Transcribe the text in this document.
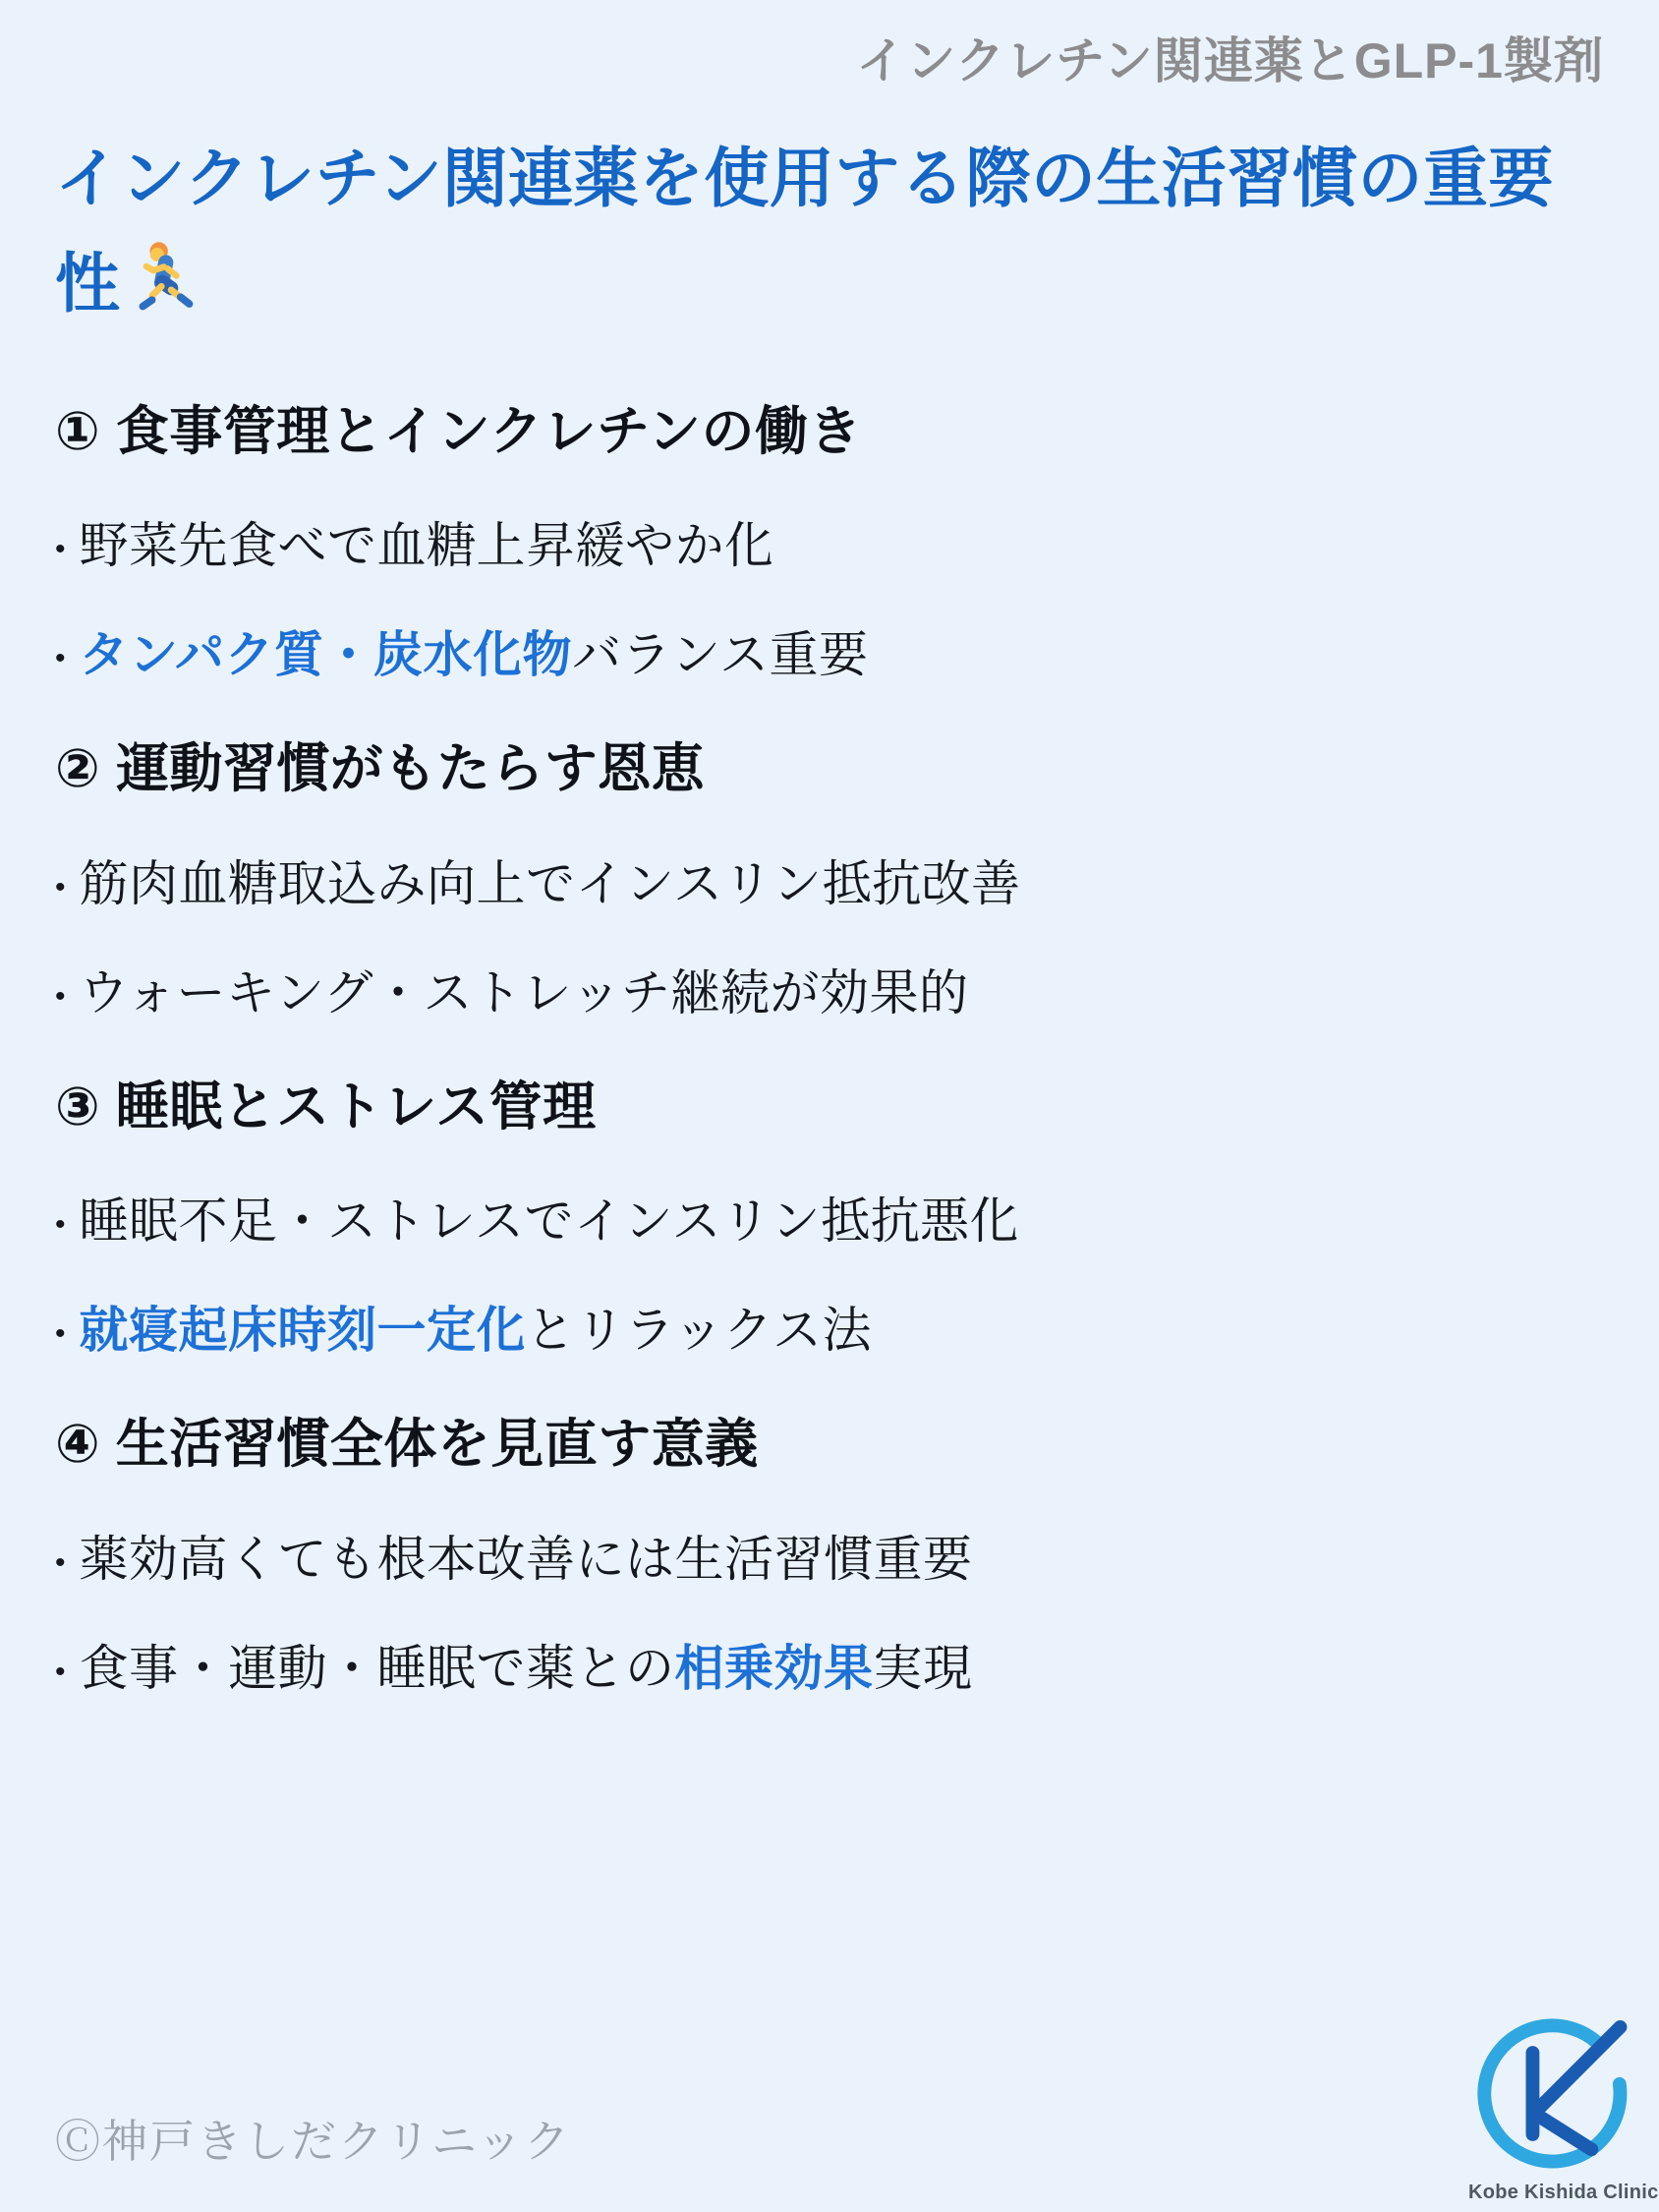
インクレチン関連薬とGLP-1製剤
インクレチン関連薬を使用する際の生活習慣の重要性
① 食事管理とインクレチンの働き

• 野菜先食べで血糖上昇緩やか化

• タンパク質・炭水化物バランス重要

② 運動習慣がもたらす恩恵

• 筋肉血糖取込み向上でインスリン抵抗改善

• ウォーキング・ストレッチ継続が効果的

③ 睡眠とストレス管理

• 睡眠不足・ストレスでインスリン抵抗悪化

• 就寝起床時刻一定化とリラックス法

④ 生活習慣全体を見直す意義

• 薬効高くても根本改善には生活習慣重要

• 食事・運動・睡眠で薬との相乗効果実現

Ⓒ神戸きしだクリニック
Kobe Kishida Clinic
